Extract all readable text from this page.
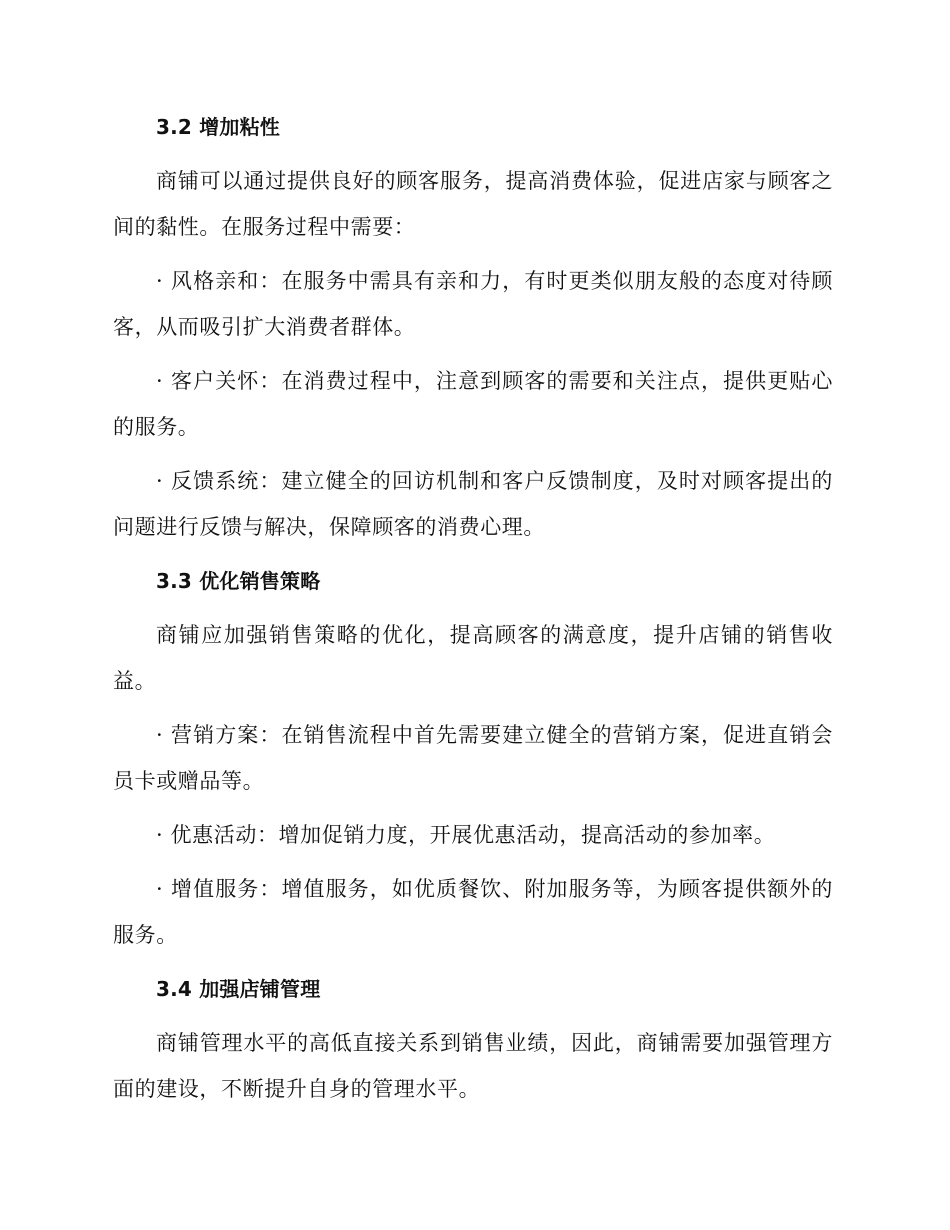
3.2 增加粘性
商铺可以通过提供良好的顾客服务，提高消费体验，促进店家与顾客之间的黏性。在服务过程中需要：
· 风格亲和：在服务中需具有亲和力，有时更类似朋友般的态度对待顾客，从而吸引扩大消费者群体。
· 客户关怀：在消费过程中，注意到顾客的需要和关注点，提供更贴心的服务。
· 反馈系统：建立健全的回访机制和客户反馈制度，及时对顾客提出的问题进行反馈与解决，保障顾客的消费心理。
3.3 优化销售策略
商铺应加强销售策略的优化，提高顾客的满意度，提升店铺的销售收益。
· 营销方案：在销售流程中首先需要建立健全的营销方案，促进直销会员卡或赠品等。
· 优惠活动：增加促销力度，开展优惠活动，提高活动的参加率。
· 增值服务：增值服务，如优质餐饮、附加服务等，为顾客提供额外的服务。
3.4 加强店铺管理
商铺管理水平的高低直接关系到销售业绩，因此，商铺需要加强管理方面的建设，不断提升自身的管理水平。
